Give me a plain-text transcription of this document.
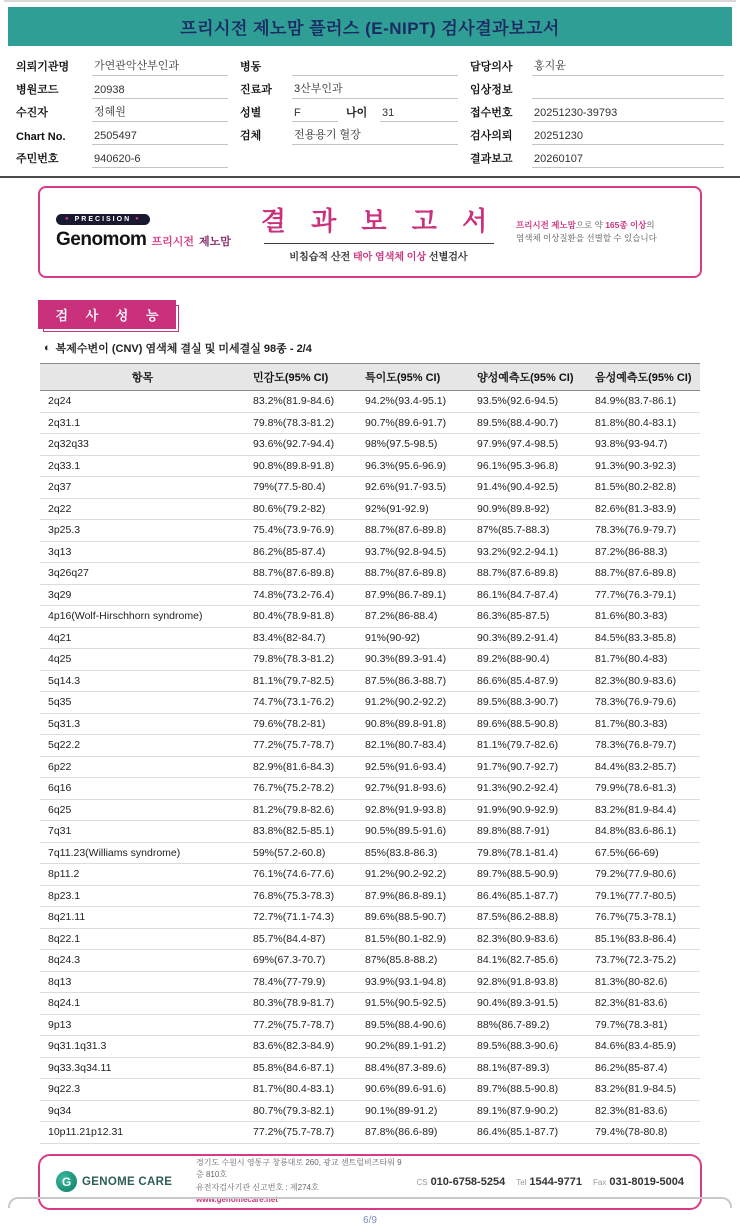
프리시전 제노맘 플러스 (E-NIPT) 검사결과보고서
의뢰기관명	가연관악산부인과
병원코드	20938
수진자	정혜원
Chart No.	2505497
주민번호	940620-6
병동
진료과	3산부인과
성별	F	나이	31
검체	전용용기 혈장
담당의사	홍지윤
임상정보
접수번호	20251230-39793
검사의뢰	20251230
결과보고	20260107
● PRECISION ●
Genomom 프리시전 제노맘
결 과 보 고 서
비침습적 산전 태아 염색체 이상 선별검사
프리시전 제노맘으로 약 165종 이상의
염색체 이상질환을 선별할 수 있습니다
검 사 성 능
◐ 복제수변이 (CNV) 염색체 결실 및 미세결실 98종 - 2/4
항목	민감도(95% CI)	특이도(95% CI)	양성예측도(95% CI)	음성예측도(95% CI)
2q24	83.2%(81.9-84.6)	94.2%(93.4-95.1)	93.5%(92.6-94.5)	84.9%(83.7-86.1)
2q31.1	79.8%(78.3-81.2)	90.7%(89.6-91.7)	89.5%(88.4-90.7)	81.8%(80.4-83.1)
2q32q33	93.6%(92.7-94.4)	98%(97.5-98.5)	97.9%(97.4-98.5)	93.8%(93-94.7)
2q33.1	90.8%(89.8-91.8)	96.3%(95.6-96.9)	96.1%(95.3-96.8)	91.3%(90.3-92.3)
2q37	79%(77.5-80.4)	92.6%(91.7-93.5)	91.4%(90.4-92.5)	81.5%(80.2-82.8)
2q22	80.6%(79.2-82)	92%(91-92.9)	90.9%(89.8-92)	82.6%(81.3-83.9)
3p25.3	75.4%(73.9-76.9)	88.7%(87.6-89.8)	87%(85.7-88.3)	78.3%(76.9-79.7)
3q13	86.2%(85-87.4)	93.7%(92.8-94.5)	93.2%(92.2-94.1)	87.2%(86-88.3)
3q26q27	88.7%(87.6-89.8)	88.7%(87.6-89.8)	88.7%(87.6-89.8)	88.7%(87.6-89.8)
3q29	74.8%(73.2-76.4)	87.9%(86.7-89.1)	86.1%(84.7-87.4)	77.7%(76.3-79.1)
4p16(Wolf-Hirschhorn syndrome)	80.4%(78.9-81.8)	87.2%(86-88.4)	86.3%(85-87.5)	81.6%(80.3-83)
4q21	83.4%(82-84.7)	91%(90-92)	90.3%(89.2-91.4)	84.5%(83.3-85.8)
4q25	79.8%(78.3-81.2)	90.3%(89.3-91.4)	89.2%(88-90.4)	81.7%(80.4-83)
5q14.3	81.1%(79.7-82.5)	87.5%(86.3-88.7)	86.6%(85.4-87.9)	82.3%(80.9-83.6)
5q35	74.7%(73.1-76.2)	91.2%(90.2-92.2)	89.5%(88.3-90.7)	78.3%(76.9-79.6)
5q31.3	79.6%(78.2-81)	90.8%(89.8-91.8)	89.6%(88.5-90.8)	81.7%(80.3-83)
5q22.2	77.2%(75.7-78.7)	82.1%(80.7-83.4)	81.1%(79.7-82.6)	78.3%(76.8-79.7)
6p22	82.9%(81.6-84.3)	92.5%(91.6-93.4)	91.7%(90.7-92.7)	84.4%(83.2-85.7)
6q16	76.7%(75.2-78.2)	92.7%(91.8-93.6)	91.3%(90.2-92.4)	79.9%(78.6-81.3)
6q25	81.2%(79.8-82.6)	92.8%(91.9-93.8)	91.9%(90.9-92.9)	83.2%(81.9-84.4)
7q31	83.8%(82.5-85.1)	90.5%(89.5-91.6)	89.8%(88.7-91)	84.8%(83.6-86.1)
7q11.23(Williams syndrome)	59%(57.2-60.8)	85%(83.8-86.3)	79.8%(78.1-81.4)	67.5%(66-69)
8p11.2	76.1%(74.6-77.6)	91.2%(90.2-92.2)	89.7%(88.5-90.9)	79.2%(77.9-80.6)
8p23.1	76.8%(75.3-78.3)	87.9%(86.8-89.1)	86.4%(85.1-87.7)	79.1%(77.7-80.5)
8q21.11	72.7%(71.1-74.3)	89.6%(88.5-90.7)	87.5%(86.2-88.8)	76.7%(75.3-78.1)
8q22.1	85.7%(84.4-87)	81.5%(80.1-82.9)	82.3%(80.9-83.6)	85.1%(83.8-86.4)
8q24.3	69%(67.3-70.7)	87%(85.8-88.2)	84.1%(82.7-85.6)	73.7%(72.3-75.2)
8q13	78.4%(77-79.9)	93.9%(93.1-94.8)	92.8%(91.8-93.8)	81.3%(80-82.6)
8q24.1	80.3%(78.9-81.7)	91.5%(90.5-92.5)	90.4%(89.3-91.5)	82.3%(81-83.6)
9p13	77.2%(75.7-78.7)	89.5%(88.4-90.6)	88%(86.7-89.2)	79.7%(78.3-81)
9q31.1q31.3	83.6%(82.3-84.9)	90.2%(89.1-91.2)	89.5%(88.3-90.6)	84.6%(83.4-85.9)
9q33.3q34.11	85.8%(84.6-87.1)	88.4%(87.3-89.6)	88.1%(87-89.3)	86.2%(85-87.4)
9q22.3	81.7%(80.4-83.1)	90.6%(89.6-91.6)	89.7%(88.5-90.8)	83.2%(81.9-84.5)
9q34	80.7%(79.3-82.1)	90.1%(89-91.2)	89.1%(87.9-90.2)	82.3%(81-83.6)
10p11.21p12.31	77.2%(75.7-78.7)	87.8%(86.6-89)	86.4%(85.1-87.7)	79.4%(78-80.8)
G GENOME CARE
경기도 수원시 영통구 창룡대로 260, 광교 센트럴비즈타워 9층 810호
유전자검사기관 신고번호 : 제274호
www.genomecare.net
CS 010-6758-5254 Tel 1544-9771 Fax 031-8019-5004
6/9
